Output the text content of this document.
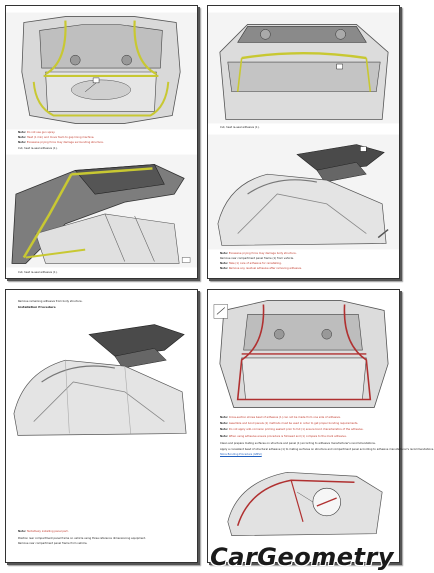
Note: Do not use gun spray.
Note: Heat (1 min) and move foam to gap lining machine.
Note: Excessive prying force may damage surrounding structure.
Cut, heat re-seal adhesive (1).
Cut, heat re-seal adhesive (1).
Cut, heat re-seal adhesive (1).
Note: Excessive prying force may damage body structure.
Remove rear compartment panel frame (1) from vehicle.
Note: Take (1) care of adhesive for reinstalling.
Note: Remove any residual adhesive after removing adhesive.
Remove remaining adhesive from body structure.
Installation Procedure
Note: Tentatively installing panel part.
Position rear compartment panel frame on vehicle using three reference dimensioning equipment.
Remove rear compartment panel frame from vehicle.
Note: Cross-section shows bead of adhesive (1) can not be made from one side of adhesive.
Note: Assemble and bond panels (1) methods must be used in order to get proper bonding requirements.
Note: Do not apply anti-corrosion priming sealant prior to full (1) ensure bond characteristics of the adhesive.
Note: When using adhesive ensure procedure is followed and (1) compare to the mark adhesive.
Clean and prepare mating surfaces on structure and panel (1) according to adhesive manufacturer's recommendations.
Apply a consistent bead of structural adhesive (1) to mating surfaces on structure and compartment panel according to adhesive manufacturer's recommendations.
Store Bonding Procedure (GMSI)
CarGeometry
